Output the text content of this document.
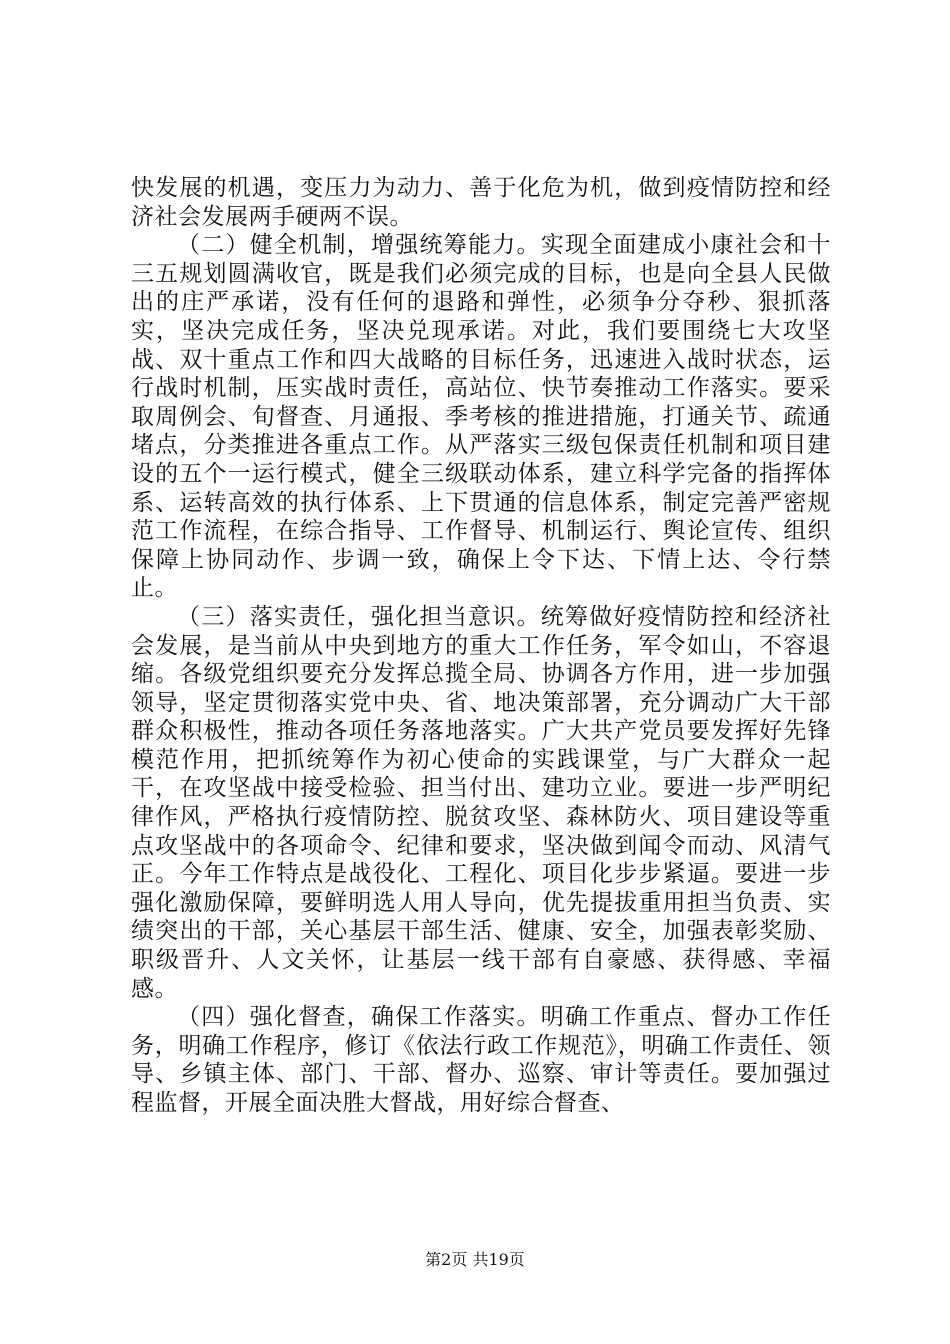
快发展的机遇，变压力为动力、善于化危为机，做到疫情防控和经济社会发展两手硬两不误。

（二）健全机制，增强统筹能力。实现全面建成小康社会和十三五规划圆满收官，既是我们必须完成的目标，也是向全县人民做出的庄严承诺，没有任何的退路和弹性，必须争分夺秒、狠抓落实，坚决完成任务，坚决兑现承诺。对此，我们要围绕七大攻坚战、双十重点工作和四大战略的目标任务，迅速进入战时状态，运行战时机制，压实战时责任，高站位、快节奏推动工作落实。要采取周例会、旬督查、月通报、季考核的推进措施，打通关节、疏通堵点，分类推进各重点工作。从严落实三级包保责任机制和项目建设的五个一运行模式，健全三级联动体系，建立科学完备的指挥体系、运转高效的执行体系、上下贯通的信息体系，制定完善严密规范工作流程，在综合指导、工作督导、机制运行、舆论宣传、组织保障上协同动作、步调一致，确保上令下达、下情上达、令行禁止。

（三）落实责任，强化担当意识。统筹做好疫情防控和经济社会发展，是当前从中央到地方的重大工作任务，军令如山，不容退缩。各级党组织要充分发挥总揽全局、协调各方作用，进一步加强领导，坚定贯彻落实党中央、省、地决策部署，充分调动广大干部群众积极性，推动各项任务落地落实。广大共产党员要发挥好先锋模范作用，把抓统筹作为初心使命的实践课堂，与广大群众一起干，在攻坚战中接受检验、担当付出、建功立业。要进一步严明纪律作风，严格执行疫情防控、脱贫攻坚、森林防火、项目建设等重点攻坚战中的各项命令、纪律和要求，坚决做到闻令而动、风清气正。今年工作特点是战役化、工程化、项目化步步紧逼。要进一步强化激励保障，要鲜明选人用人导向，优先提拔重用担当负责、实绩突出的干部，关心基层干部生活、健康、安全，加强表彰奖励、职级晋升、人文关怀，让基层一线干部有自豪感、获得感、幸福感。

（四）强化督查，确保工作落实。明确工作重点、督办工作任务，明确工作程序，修订《依法行政工作规范》，明确工作责任、领导、乡镇主体、部门、干部、督办、巡察、审计等责任。要加强过程监督，开展全面决胜大督战，用好综合督查、

第2页 共19页
